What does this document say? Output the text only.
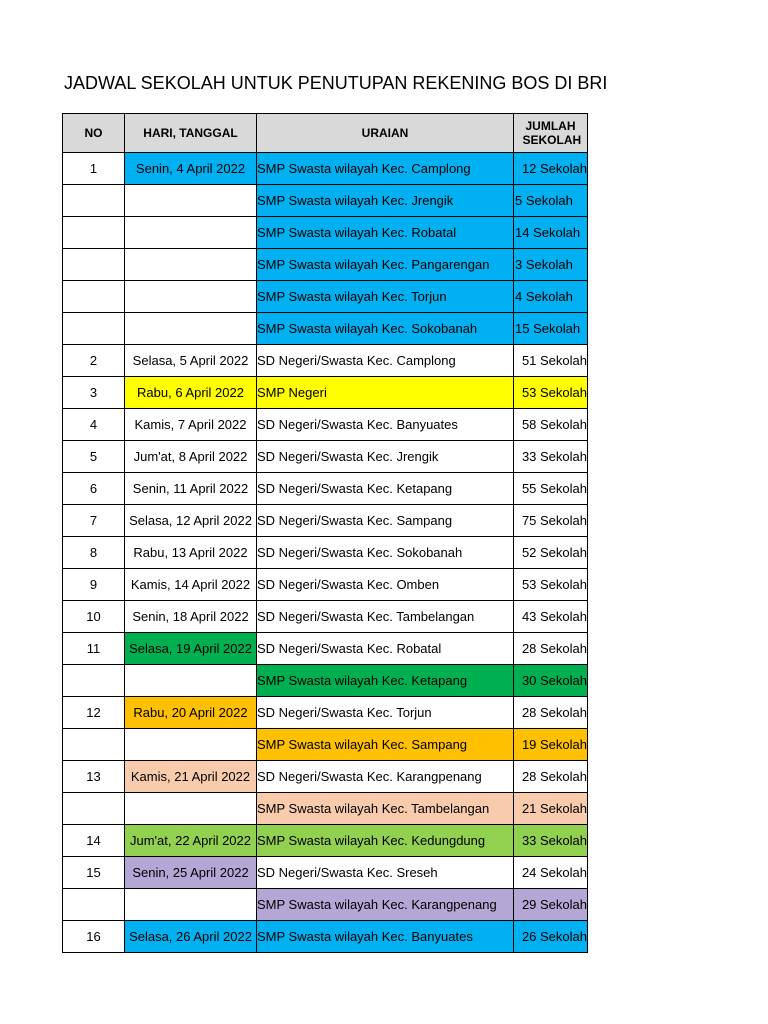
JADWAL SEKOLAH UNTUK PENUTUPAN REKENING BOS DI BRI
NO	HARI, TANGGAL	URAIAN	JUMLAH SEKOLAH
1	Senin, 4 April 2022	SMP Swasta wilayah Kec. Camplong	12 Sekolah
		SMP Swasta wilayah Kec. Jrengik	5 Sekolah
		SMP Swasta wilayah Kec. Robatal	14 Sekolah
		SMP Swasta wilayah Kec. Pangarengan	3 Sekolah
		SMP Swasta wilayah Kec. Torjun	4 Sekolah
		SMP Swasta wilayah Kec. Sokobanah	15 Sekolah
2	Selasa, 5 April 2022	SD Negeri/Swasta Kec. Camplong	51 Sekolah
3	Rabu, 6 April 2022	SMP Negeri	53 Sekolah
4	Kamis, 7 April 2022	SD Negeri/Swasta Kec. Banyuates	58 Sekolah
5	Jum'at, 8 April 2022	SD Negeri/Swasta Kec. Jrengik	33 Sekolah
6	Senin, 11 April 2022	SD Negeri/Swasta Kec. Ketapang	55 Sekolah
7	Selasa, 12 April 2022	SD Negeri/Swasta Kec. Sampang	75 Sekolah
8	Rabu, 13 April 2022	SD Negeri/Swasta Kec. Sokobanah	52 Sekolah
9	Kamis, 14 April 2022	SD Negeri/Swasta Kec. Omben	53 Sekolah
10	Senin, 18 April 2022	SD Negeri/Swasta Kec. Tambelangan	43 Sekolah
11	Selasa, 19 April 2022	SD Negeri/Swasta Kec. Robatal	28 Sekolah
		SMP Swasta wilayah Kec. Ketapang	30 Sekolah
12	Rabu, 20 April 2022	SD Negeri/Swasta Kec. Torjun	28 Sekolah
		SMP Swasta wilayah Kec. Sampang	19 Sekolah
13	Kamis, 21 April 2022	SD Negeri/Swasta Kec. Karangpenang	28 Sekolah
		SMP Swasta wilayah Kec. Tambelangan	21 Sekolah
14	Jum'at, 22 April 2022	SMP Swasta wilayah Kec. Kedungdung	33 Sekolah
15	Senin, 25 April 2022	SD Negeri/Swasta Kec. Sreseh	24 Sekolah
		SMP Swasta wilayah Kec. Karangpenang	29 Sekolah
16	Selasa, 26 April 2022	SMP Swasta wilayah Kec. Banyuates	26 Sekolah
